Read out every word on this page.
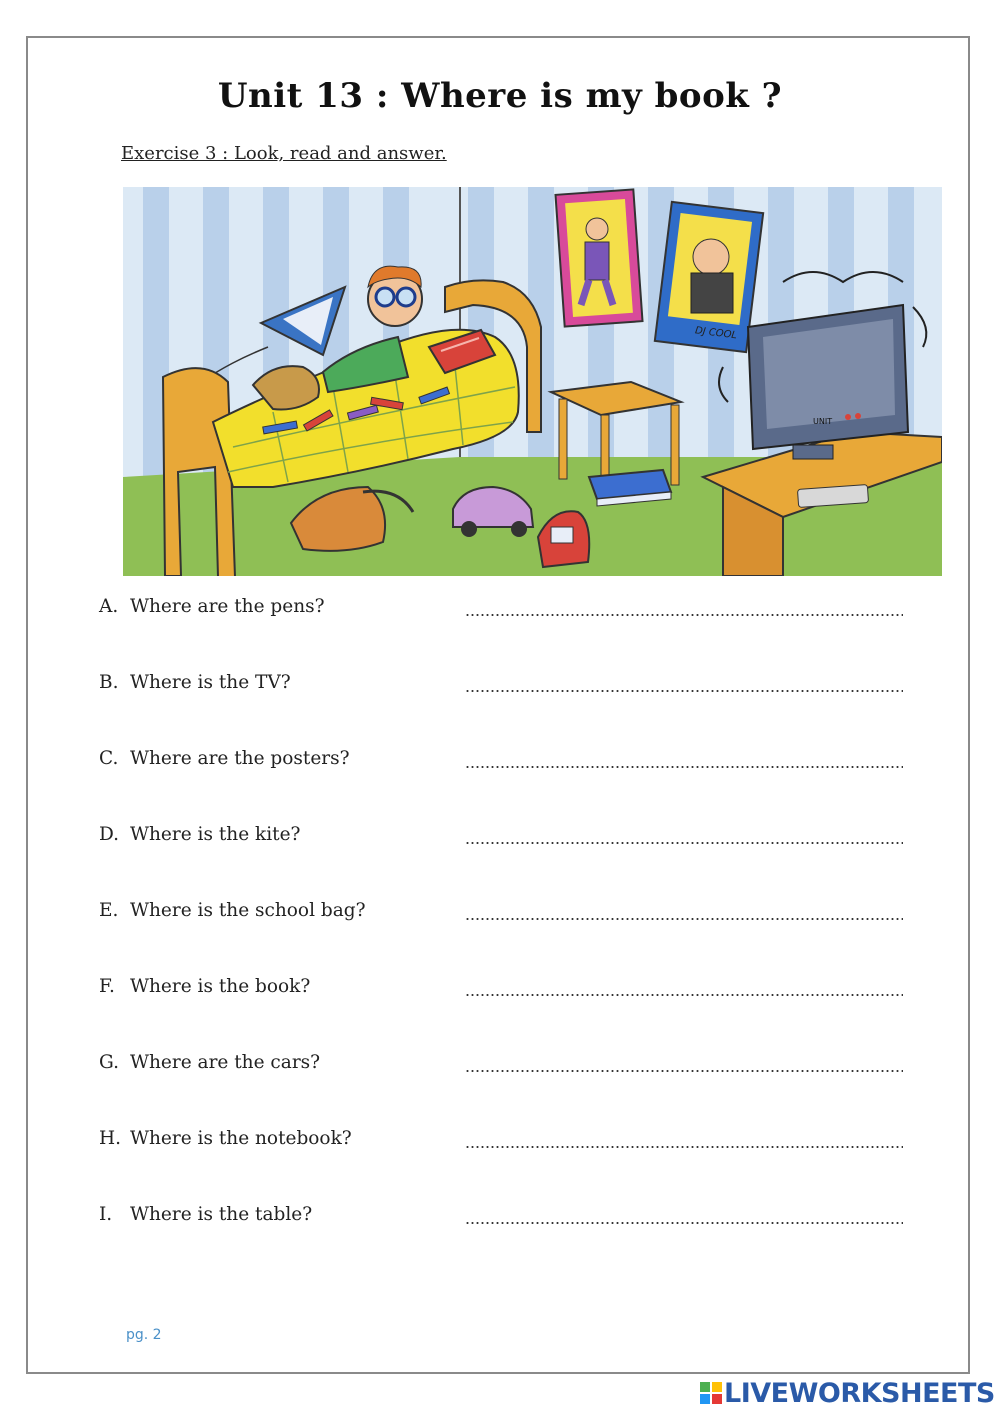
Unit 13 : Where is my book ?
Exercise 3 : Look, read and answer.
DJ COOL
UNIT
A. Where are the pens?
B. Where is the TV?
C. Where are the posters?
D. Where is the kite?
E. Where is the school bag?
F. Where is the book?
G. Where are the cars?
H. Where is the notebook?
I. Where is the table?
pg. 2
LIVEWORKSHEETS
